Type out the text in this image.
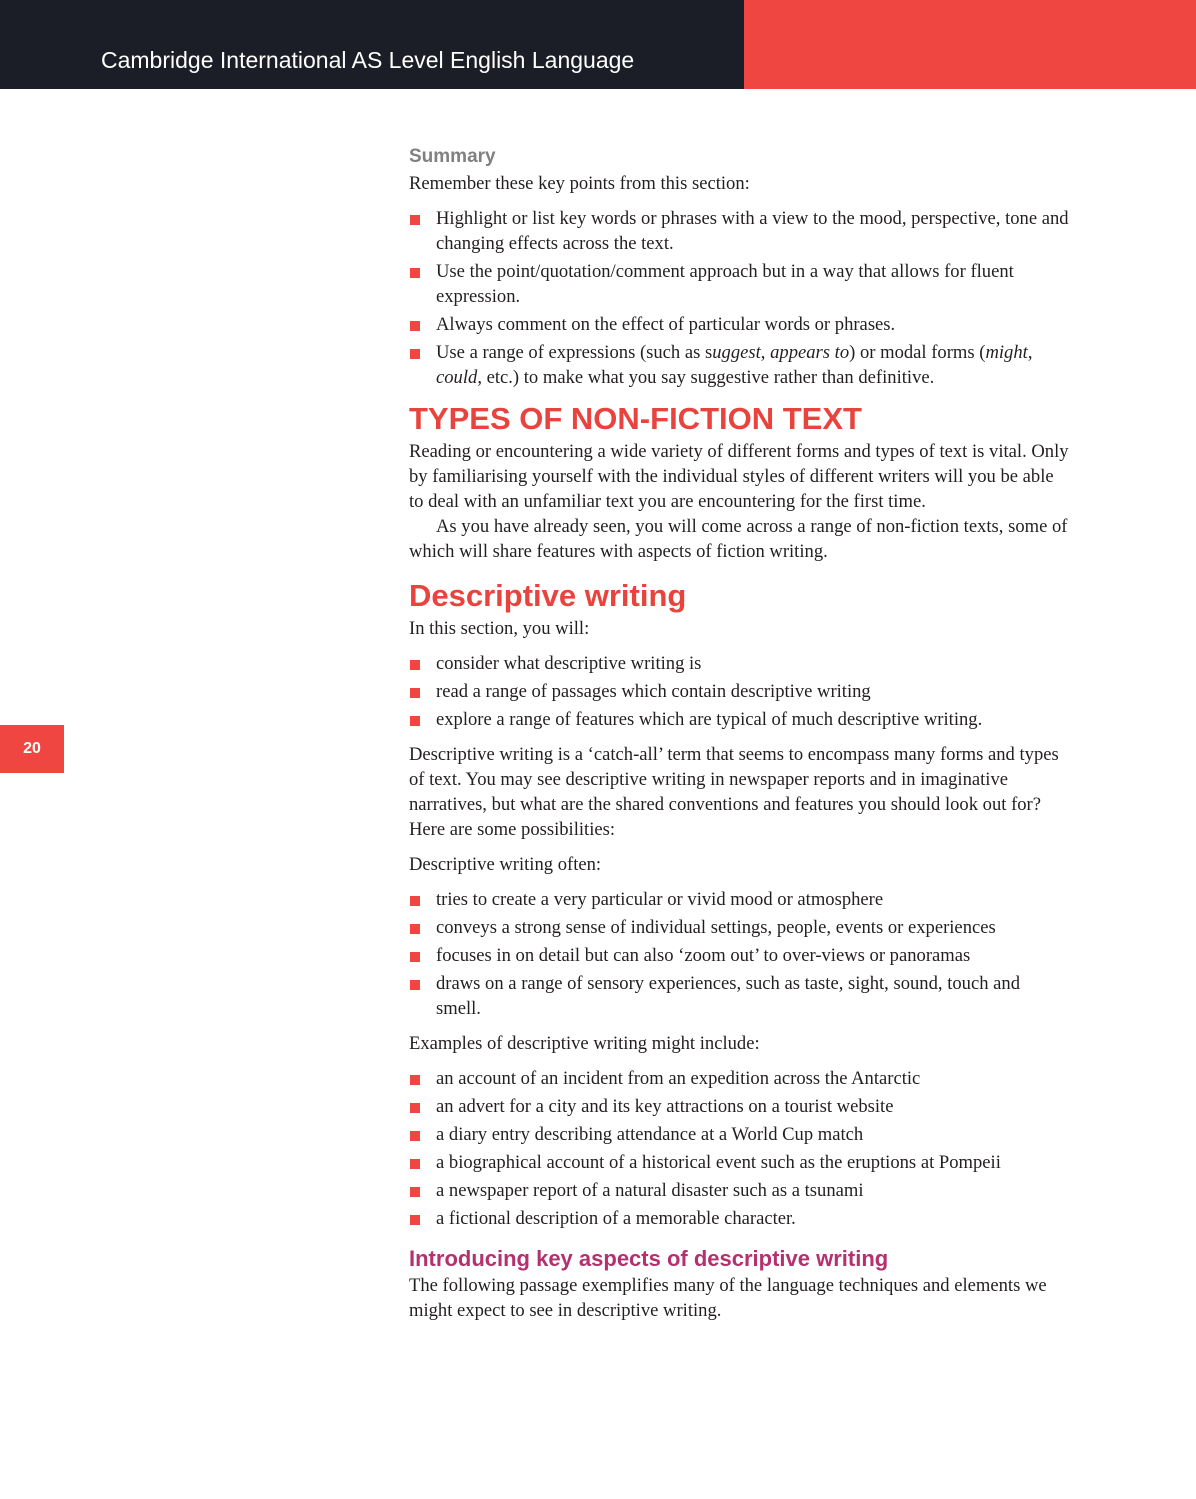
Cambridge International AS Level English Language
20
Summary

Remember these key points from this section:

Highlight or list key words or phrases with a view to the mood, perspective, tone and changing effects across the text.
Use the point/quotation/comment approach but in a way that allows for fluent expression.
Always comment on the effect of particular words or phrases.
Use a range of expressions (such as suggest, appears to) or modal forms (might, could, etc.) to make what you say suggestive rather than definitive.
TYPES OF NON-FICTION TEXT

Reading or encountering a wide variety of different forms and types of text is vital. Only by familiarising yourself with the individual styles of different writers will you be able to deal with an unfamiliar text you are encountering for the first time.

As you have already seen, you will come across a range of non-fiction texts, some of which will share features with aspects of fiction writing.

Descriptive writing

In this section, you will:

consider what descriptive writing is
read a range of passages which contain descriptive writing
explore a range of features which are typical of much descriptive writing.

Descriptive writing is a ‘catch-all’ term that seems to encompass many forms and types of text. You may see descriptive writing in newspaper reports and in imaginative narratives, but what are the shared conventions and features you should look out for? Here are some possibilities:

Descriptive writing often:

tries to create a very particular or vivid mood or atmosphere
conveys a strong sense of individual settings, people, events or experiences
focuses in on detail but can also ‘zoom out’ to over-views or panoramas
draws on a range of sensory experiences, such as taste, sight, sound, touch and smell.

Examples of descriptive writing might include:

an account of an incident from an expedition across the Antarctic
an advert for a city and its key attractions on a tourist website
a diary entry describing attendance at a World Cup match
a biographical account of a historical event such as the eruptions at Pompeii
a newspaper report of a natural disaster such as a tsunami
a fictional description of a memorable character.
Introducing key aspects of descriptive writing

The following passage exemplifies many of the language techniques and elements we might expect to see in descriptive writing.
